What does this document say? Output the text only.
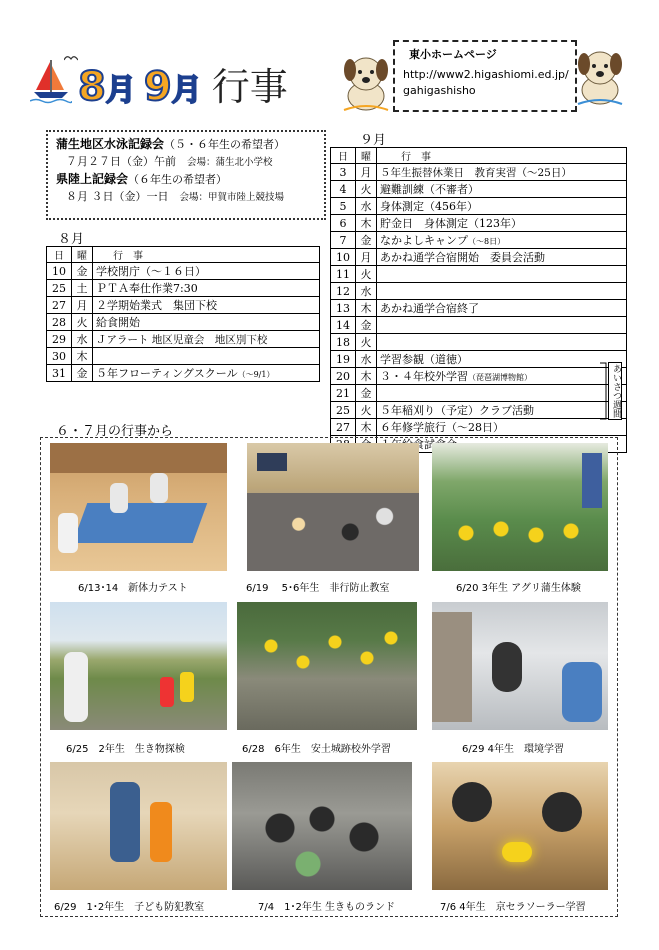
8月 9月 行事
東小ホームページ
http://www2.higashiomi.ed.jp/
gahigashisho
蒲生地区水泳記録会（５・６年生の希望者）
７月２７日（金）午前　 会場：蒲生北小学校
県陸上記録会（６年生の希望者）
８月 ３日（金）一日　 会場：甲賀市陸上競技場
８月
日	曜	行　事
10	金	学校閉庁（～１６日）
25	土	ＰＴＡ奉仕作業7:30
27	月	２学期始業式　集団下校
28	火	給食開始
29	水	Ｊアラート 地区児童会　地区別下校
30	木	
31	金	５年フローティングスクール（～9/1）
９月
日	曜	行　事
3	月	５年生振替休業日　教育実習（～25日）
4	火	避難訓練（不審者）
5	水	身体測定（456年）
6	木	貯金日　身体測定（123年）
7	金	なかよしキャンプ（～8日）
10	月	あかね通学合宿開始　委員会活動
11	火	
12	水	
13	木	あかね通学合宿終了
14	金	
18	火	
19	水	学習参観（道徳）
20	木	３・４年校外学習（琵琶湖博物館）
21	金	
25	火	５年稲刈り（予定）クラブ活動
27	木	６年修学旅行（～28日）

あいさつ週間
６・７月の行事から
6/13･14　新体力テスト	6/19　 5･6年生　非行防止教室	6/20 3年生 アグリ蒲生体験
6/25　2年生　生き物探検	6/28　6年生　安土城跡校外学習	6/29 4年生　環境学習
6/29　1･2年生　子ども防犯教室	7/4　1･2年生 生きものランド	7/6 4年生　京セラソーラー学習
